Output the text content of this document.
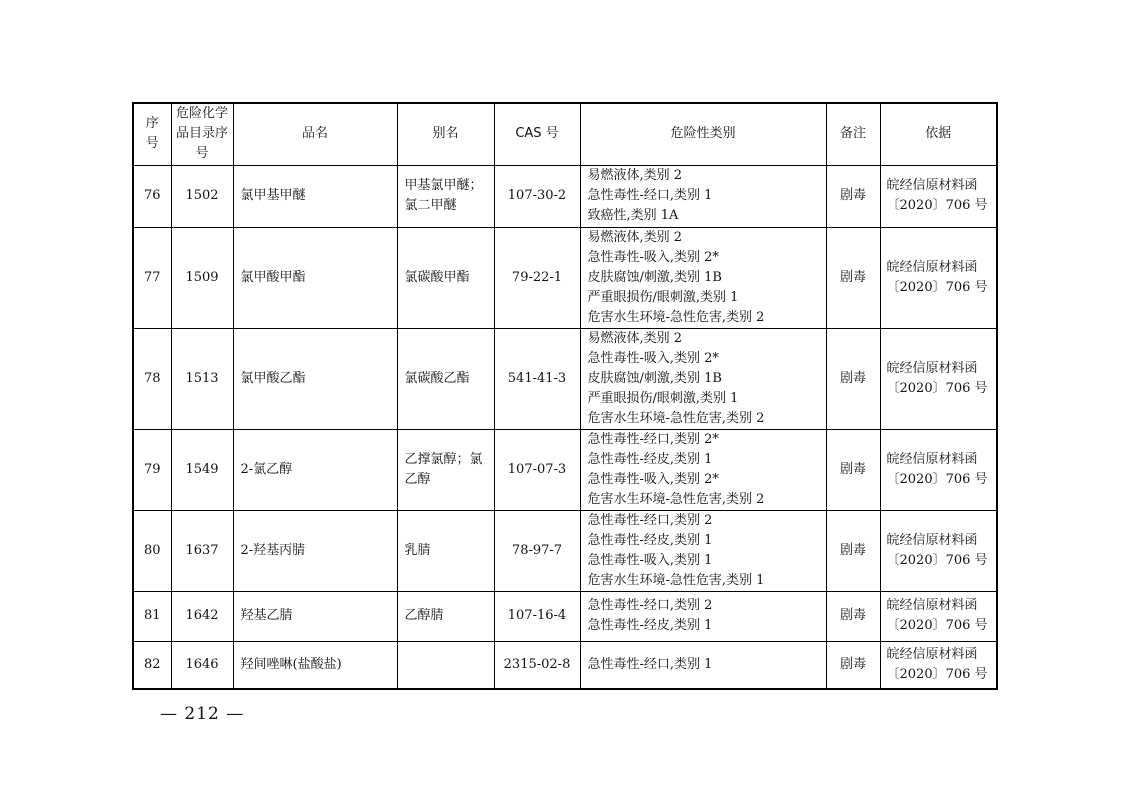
序号	危险化学品目录序号	品名	别名	CAS 号	危险性类别	备注	依据
76	1502	氯甲基甲醚	甲基氯甲醚；氯二甲醚	107-30-2	易燃液体,类别 2
急性毒性-经口,类别 1
致癌性,类别 1A	剧毒	皖经信原材料函
〔2020〕706 号

77	1509	氯甲酸甲酯	氯碳酸甲酯	79-22-1	易燃液体,类别 2
急性毒性-吸入,类别 2*
皮肤腐蚀/刺激,类别 1B
严重眼损伤/眼刺激,类别 1
危害水生环境-急性危害,类别 2	剧毒	皖经信原材料函
〔2020〕706 号

78	1513	氯甲酸乙酯	氯碳酸乙酯	541-41-3	易燃液体,类别 2
急性毒性-吸入,类别 2*
皮肤腐蚀/刺激,类别 1B
严重眼损伤/眼刺激,类别 1
危害水生环境-急性危害,类别 2	剧毒	皖经信原材料函
〔2020〕706 号

79	1549	2-氯乙醇	乙撑氯醇；氯乙醇	107-07-3	急性毒性-经口,类别 2*
急性毒性-经皮,类别 1
急性毒性-吸入,类别 2*
危害水生环境-急性危害,类别 2	剧毒	皖经信原材料函
〔2020〕706 号

80	1637	2-羟基丙腈	乳腈	78-97-7	急性毒性-经口,类别 2
急性毒性-经皮,类别 1
急性毒性-吸入,类别 1
危害水生环境-急性危害,类别 1	剧毒	皖经信原材料函
〔2020〕706 号

81	1642	羟基乙腈	乙醇腈	107-16-4	急性毒性-经口,类别 2
急性毒性-经皮,类别 1	剧毒	皖经信原材料函
〔2020〕706 号

82	1646	羟间唑啉(盐酸盐)		2315-02-8	急性毒性-经口,类别 1	剧毒	皖经信原材料函
〔2020〕706 号
— 212 —
